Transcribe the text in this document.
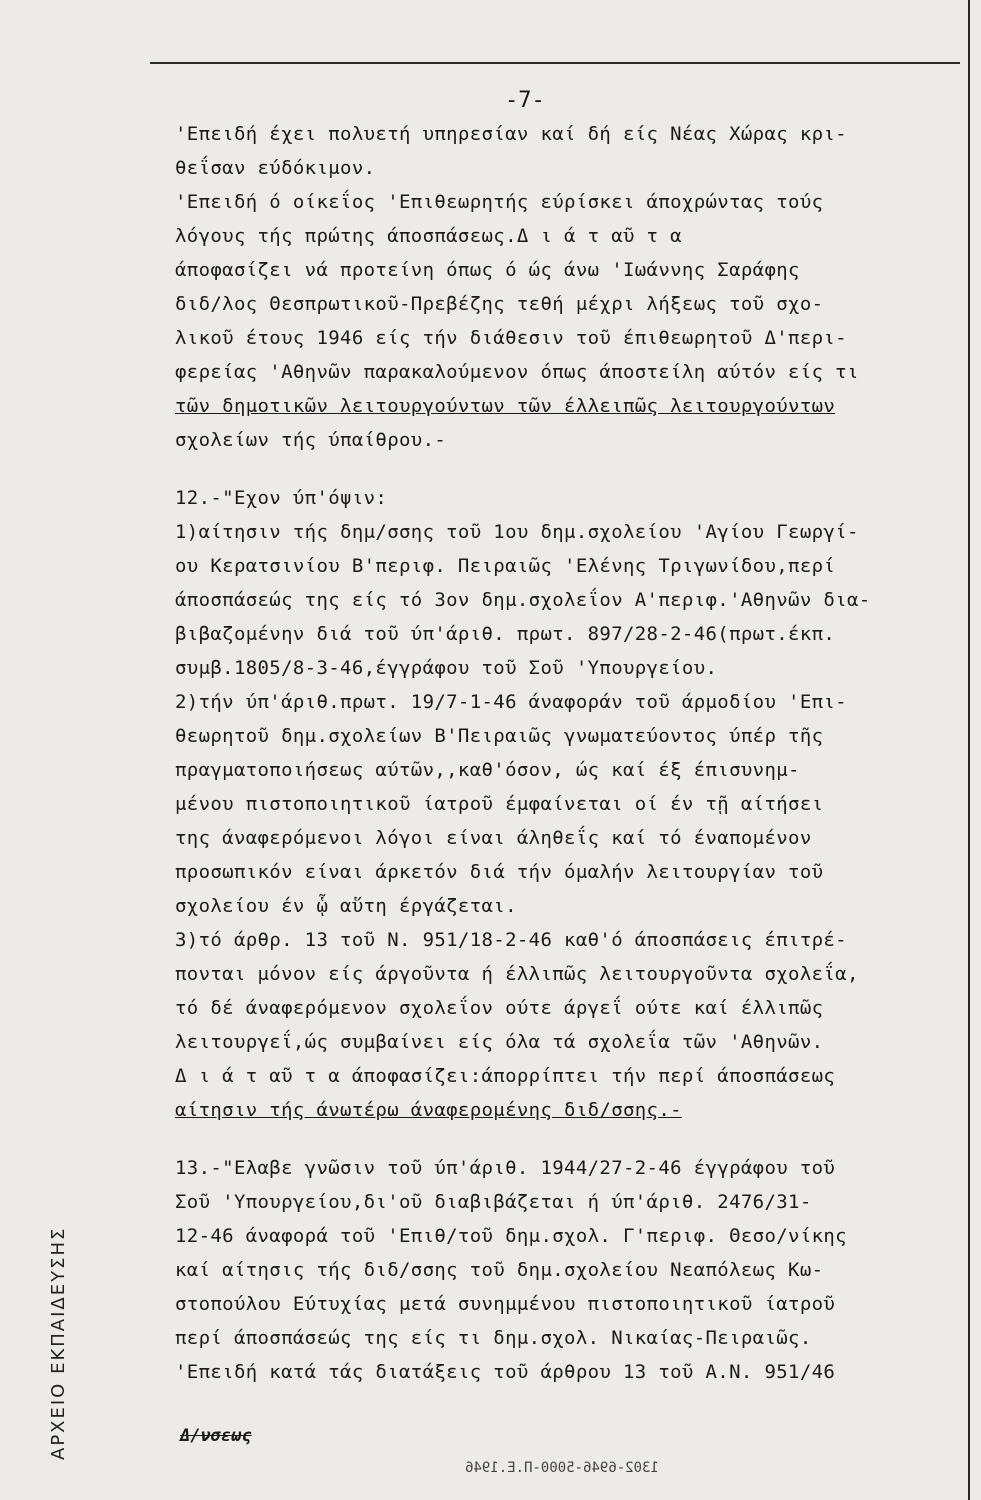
ΑΡΧΕΙΟ ΕΚΠΑΙΔΕΥΣΗΣ
-7-
'Επειδή έχει πολυετή υπηρεσίαν καί δή είς Νέας Χώρας κρι-
θεΐσαν εύδόκιμον.
'Επειδή ό οίκεΐος 'Επιθεωρητής εύρίσκει άποχρώντας τούς
λόγους τής πρώτης άποσπάσεως.Δ ι ά τ αῦ τ α
άποφασίζει νά προτείνη όπως ό ώς άνω 'Ιωάννης Σαράφης
διδ/λος Θεσπρωτικοῦ-Πρεβέζης τεθή μέχρι λήξεως τοῦ σχο-
λικοῦ έτους 1946 είς τήν διάθεσιν τοῦ έπιθεωρητοῦ Δ'περι-
φερείας 'Αθηνῶν παρακαλούμενον όπως άποστείλη αύτόν είς τι
τῶν δημοτικῶν λειτουργούντων τῶν έλλειπῶς λειτουργούντων
σχολείων τής ύπαίθρου.-
12.-"Εχον ύπ'όψιν:
1)αίτησιν τής δημ/σσης τοῦ 1ου δημ.σχολείου 'Αγίου Γεωργί-
ου Κερατσινίου Β'περιφ. Πειραιῶς 'Ελένης Τριγωνίδου,περί
άποσπάσεώς της είς τό 3ον δημ.σχολεΐον Α'περιφ.'Αθηνῶν δια-
βιβαζομένην διά τοῦ ύπ'άριθ. πρωτ. 897/28-2-46(πρωτ.έκπ.
συμβ.1805/8-3-46,έγγράφου τοῦ Σοῦ 'Υπουργείου.
2)τήν ύπ'άριθ.πρωτ. 19/7-1-46 άναφοράν τοῦ άρμοδίου 'Επι-
θεωρητοῦ δημ.σχολείων Β'Πειραιῶς γνωματεύοντος ύπέρ τῆς
πραγματοποιήσεως αύτῶν,,καθ'όσον, ώς καί έξ έπισυνημ-
μένου πιστοποιητικοῦ ίατροῦ έμφαίνεται οί έν τῇ αίτήσει
της άναφερόμενοι λόγοι είναι άληθεΐς καί τό έναπομένον
προσωπικόν είναι άρκετόν διά τήν όμαλήν λειτουργίαν τοῦ
σχολείου έν ᾧ αὕτη έργάζεται.
3)τό άρθρ. 13 τοῦ Ν. 951/18-2-46 καθ'ό άποσπάσεις έπιτρέ-
πονται μόνον είς άργοῦντα ή έλλιπῶς λειτουργοῦντα σχολεΐα,
τό δέ άναφερόμενον σχολεΐον ούτε άργεΐ ούτε καί έλλιπῶς
λειτουργεΐ,ώς συμβαίνει είς όλα τά σχολεΐα τῶν 'Αθηνῶν.
Δ ι ά τ αῦ τ α άποφασίζει:άπορρίπτει τήν περί άποσπάσεως
αίτησιν τής άνωτέρω άναφερομένης διδ/σσης.-
13.-"Ελαβε γνῶσιν τοῦ ύπ'άριθ. 1944/27-2-46 έγγράφου τοῦ
Σοῦ 'Υπουργείου,δι'οῦ διαβιβάζεται ή ύπ'άριθ. 2476/31-
12-46 άναφορά τοῦ 'Επιθ/τοῦ δημ.σχολ. Γ'περιφ. Θεσο/νίκης
καί αίτησις τής διδ/σσης τοῦ δημ.σχολείου Νεαπόλεως Κω-
στοπούλου Εύτυχίας μετά συνημμένου πιστοποιητικοῦ ίατροῦ
περί άποσπάσεώς της είς τι δημ.σχολ. Νικαίας-Πειραιῶς.
'Επειδή κατά τάς διατάξεις τοῦ άρθρου 13 τοῦ Α.Ν. 951/46
Δ/νσεως
1302-6946-5000-Π.Ε.1946
